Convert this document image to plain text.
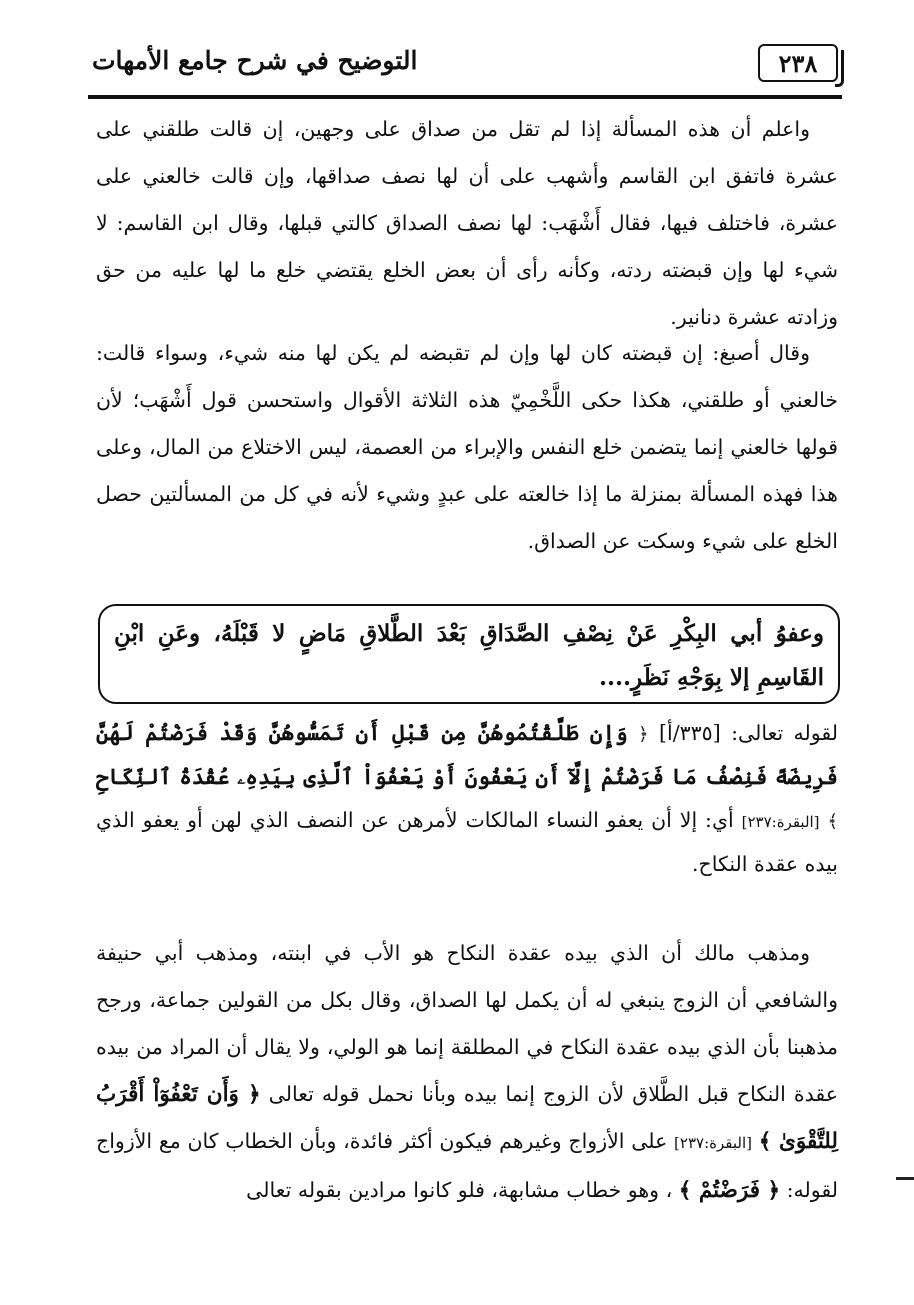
التوضيح في شرح جامع الأمهات	٢٣٨

واعلم أن هذه المسألة إذا لم تقل من صداق على وجهين، إن قالت طلقني على عشرة فاتفق ابن القاسم وأشهب على أن لها نصف صداقها، وإن قالت خالعني على عشرة، فاختلف فيها، فقال أَشْهَب: لها نصف الصداق كالتي قبلها، وقال ابن القاسم: لا شيء لها وإن قبضته ردته، وكأنه رأى أن بعض الخلع يقتضي خلع ما لها عليه من حق وزادته عشرة دنانير.

وقال أصبغ: إن قبضته كان لها وإن لم تقبضه لم يكن لها منه شيء، وسواء قالت: خالعني أو طلقني، هكذا حكى اللَّخْمِيّ هذه الثلاثة الأقوال واستحسن قول أَشْهَب؛ لأن قولها خالعني إنما يتضمن خلع النفس والإبراء من العصمة، ليس الاختلاع من المال، وعلى هذا فهذه المسألة بمنزلة ما إذا خالعته على عبدٍ وشيء لأنه في كل من المسألتين حصل الخلع على شيء وسكت عن الصداق.

وعفوُ أبي البِكْرِ عَنْ نِصْفِ الصَّدَاقِ بَعْدَ الطَّلاقِ مَاضٍ لا قَبْلَهُ، وعَنِ ابْنِ القَاسِمِ إلا بِوَجْهِ نَظَرٍ....

لقوله تعالى: [٣٣٥/أ] ﴿ وَإِن طَلَّقْتُمُوهُنَّ مِن قَبْلِ أَن تَمَسُّوهُنَّ وَقَدْ فَرَضْتُمْ لَهُنَّ فَرِيضَةً فَنِصْفُ مَا فَرَضْتُمْ إِلَّآ أَن يَعْفُونَ أَوْ يَعْفُوَاْ ٱلَّذِى بِيَدِهِۦ عُقْدَةُ ٱلنِّكَاحِ ﴾ [البقرة:٢٣٧] أي: إلا أن يعفو النساء المالكات لأمرهن عن النصف الذي لهن أو يعفو الذي بيده عقدة النكاح.

ومذهب مالك أن الذي بيده عقدة النكاح هو الأب في ابنته، ومذهب أبي حنيفة والشافعي أن الزوج ينبغي له أن يكمل لها الصداق، وقال بكل من القولين جماعة، ورجح مذهبنا بأن الذي بيده عقدة النكاح في المطلقة إنما هو الولي، ولا يقال أن المراد من بيده عقدة النكاح قبل الطَّلاق لأن الزوج إنما بيده وبأنا نحمل قوله تعالى ﴿ وَأَن تَعْفُوٓاْ أَقْرَبُ لِلتَّقْوَىٰ ﴾ [البقرة:٢٣٧] على الأزواج وغيرهم فيكون أكثر فائدة، وبأن الخطاب كان مع الأزواج لقوله: ﴿ فَرَضْتُمْ ﴾ ، وهو خطاب مشابهة، فلو كانوا مرادين بقوله تعالى
